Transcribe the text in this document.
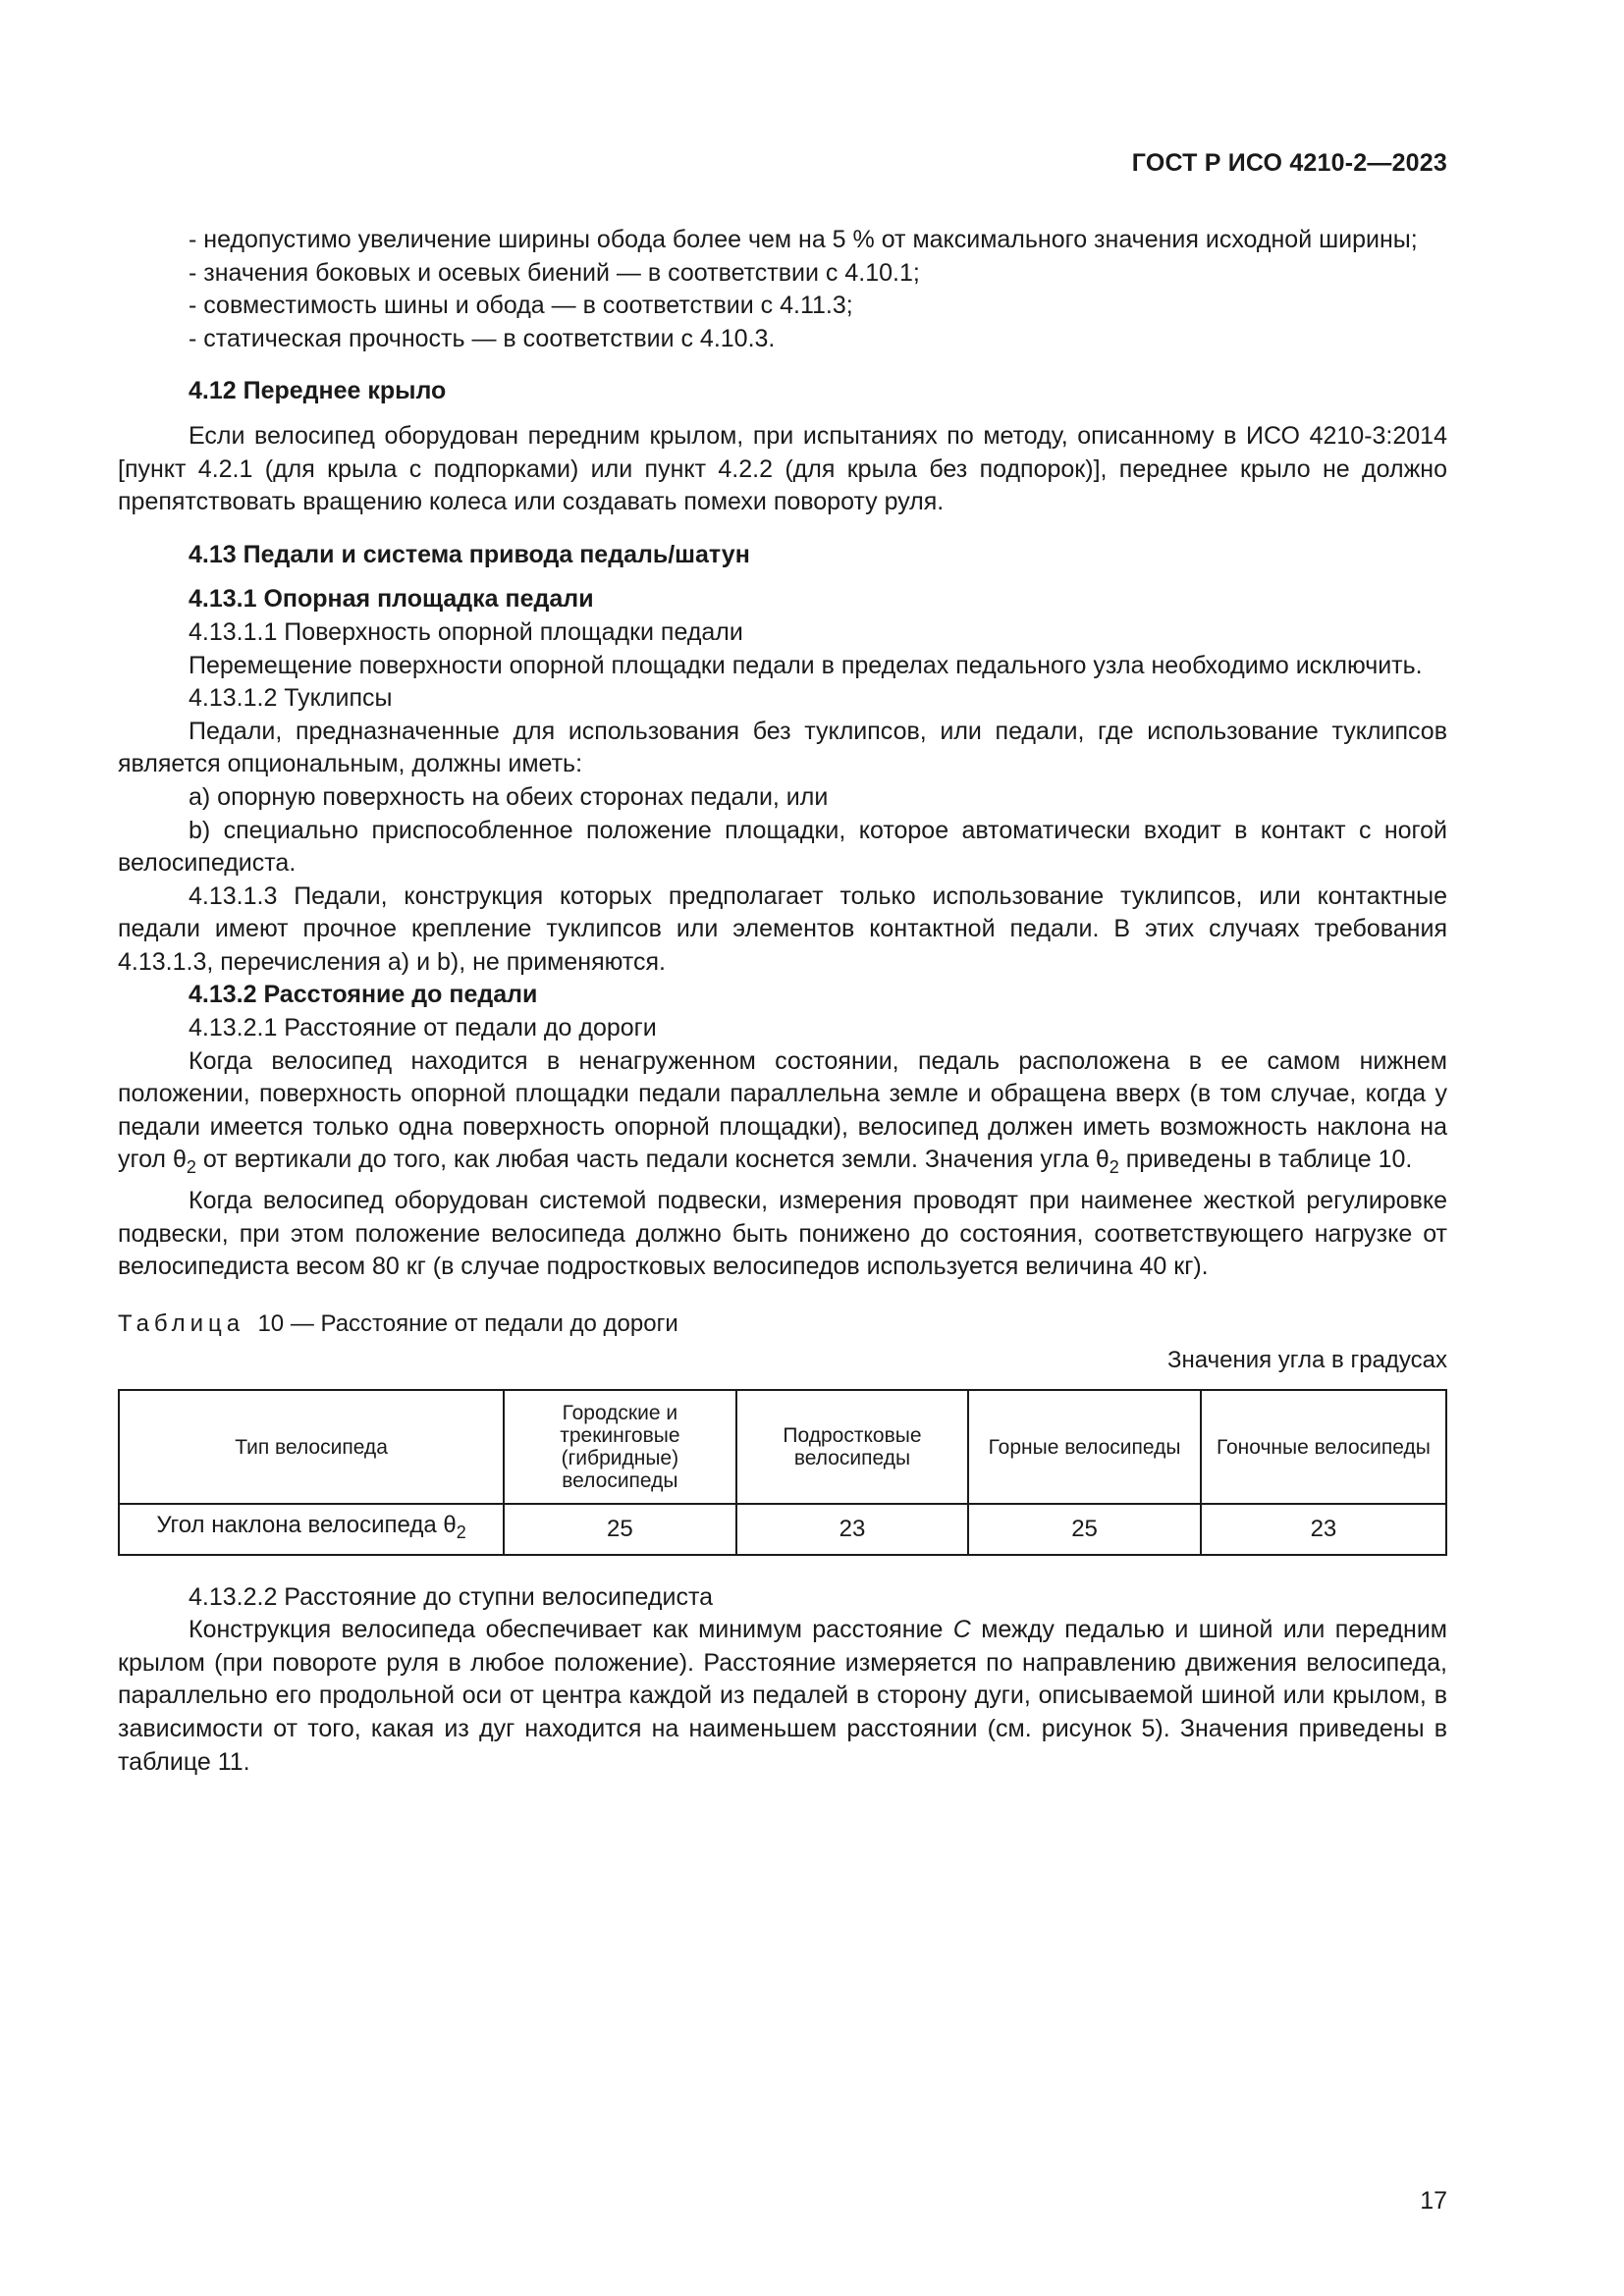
ГОСТ Р ИСО 4210-2—2023

- недопустимо увеличение ширины обода более чем на 5 % от максимального значения исходной ширины;

- значения боковых и осевых биений — в соответствии с 4.10.1;

- совместимость шины и обода — в соответствии с 4.11.3;

- статическая прочность — в соответствии с 4.10.3.

4.12 Переднее крыло

Если велосипед оборудован передним крылом, при испытаниях по методу, описанному в ИСО 4210-3:2014 [пункт 4.2.1 (для крыла с подпорками) или пункт 4.2.2 (для крыла без подпорок)], переднее крыло не должно препятствовать вращению колеса или создавать помехи повороту руля.

4.13 Педали и система привода педаль/шатун

4.13.1 Опорная площадка педали

4.13.1.1 Поверхность опорной площадки педали

Перемещение поверхности опорной площадки педали в пределах педального узла необходимо исключить.

4.13.1.2 Туклипсы

Педали, предназначенные для использования без туклипсов, или педали, где использование туклипсов является опциональным, должны иметь:

a) опорную поверхность на обеих сторонах педали, или

b) специально приспособленное положение площадки, которое автоматически входит в контакт с ногой велосипедиста.

4.13.1.3 Педали, конструкция которых предполагает только использование туклипсов, или контактные педали имеют прочное крепление туклипсов или элементов контактной педали. В этих случаях требования 4.13.1.3, перечисления a) и b), не применяются.

4.13.2 Расстояние до педали

4.13.2.1 Расстояние от педали до дороги

Когда велосипед находится в ненагруженном состоянии, педаль расположена в ее самом нижнем положении, поверхность опорной площадки педали параллельна земле и обращена вверх (в том случае, когда у педали имеется только одна поверхность опорной площадки), велосипед должен иметь возможность наклона на угол $\theta_2$ от вертикали до того, как любая часть педали коснется земли. Значения угла $\theta_2$ приведены в таблице 10.

Когда велосипед оборудован системой подвески, измерения проводят при наименее жесткой регулировке подвески, при этом положение велосипеда должно быть понижено до состояния, соответствующего нагрузке от велосипедиста весом 80 кг (в случае подростковых велосипедов используется величина 40 кг).

Таблица 10 — Расстояние от педали до дороги

Значения угла в градусах

Тип велосипеда	Городские и трекинговые (гибридные) велосипеды	Подростковые велосипеды	Горные велосипеды	Гоночные велосипеды
Угол наклона велосипеда $\theta_2$	25	23	25	23

4.13.2.2 Расстояние до ступни велосипедиста

Конструкция велосипеда обеспечивает как минимум расстояние C между педалью и шиной или передним крылом (при повороте руля в любое положение). Расстояние измеряется по направлению движения велосипеда, параллельно его продольной оси от центра каждой из педалей в сторону дуги, описываемой шиной или крылом, в зависимости от того, какая из дуг находится на наименьшем расстоянии (см. рисунок 5). Значения приведены в таблице 11.

17
